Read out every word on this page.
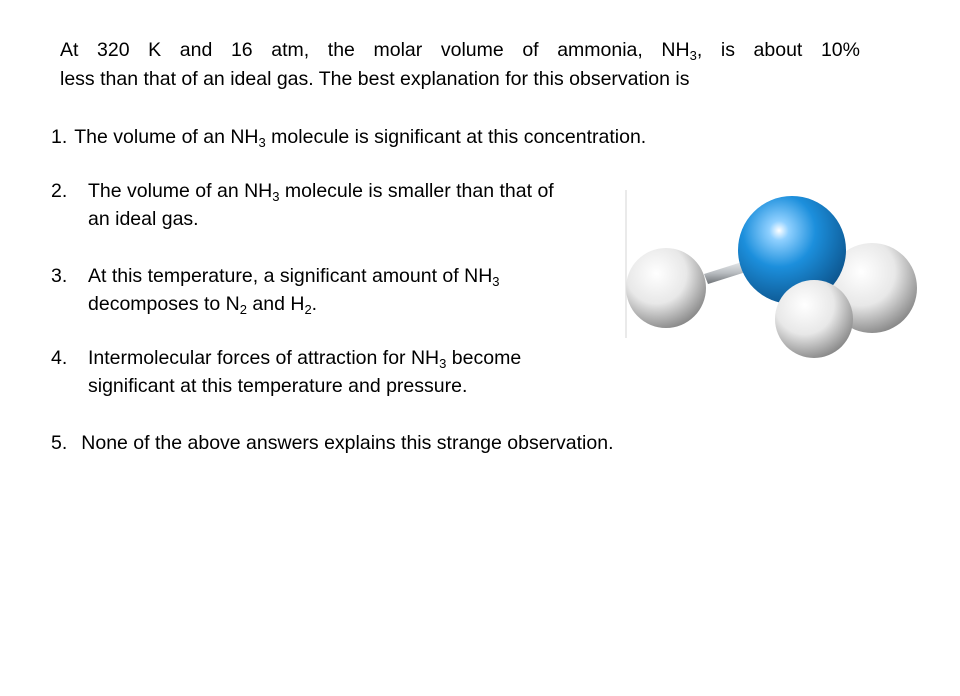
At 320 K and 16 atm, the molar volume of ammonia, $NH_3$, is about 10%
less than that of an ideal gas. The best explanation for this observation is
1. The volume of an $NH_3$ molecule is significant at this concentration.
2. The volume of an $NH_3$ molecule is smaller than that of
an ideal gas.
3. At this temperature, a significant amount of $NH_3$
decomposes to $N_2$ and $H_2$.
4. Intermolecular forces of attraction for $NH_3$ become
significant at this temperature and pressure.
5. None of the above answers explains this strange observation.
